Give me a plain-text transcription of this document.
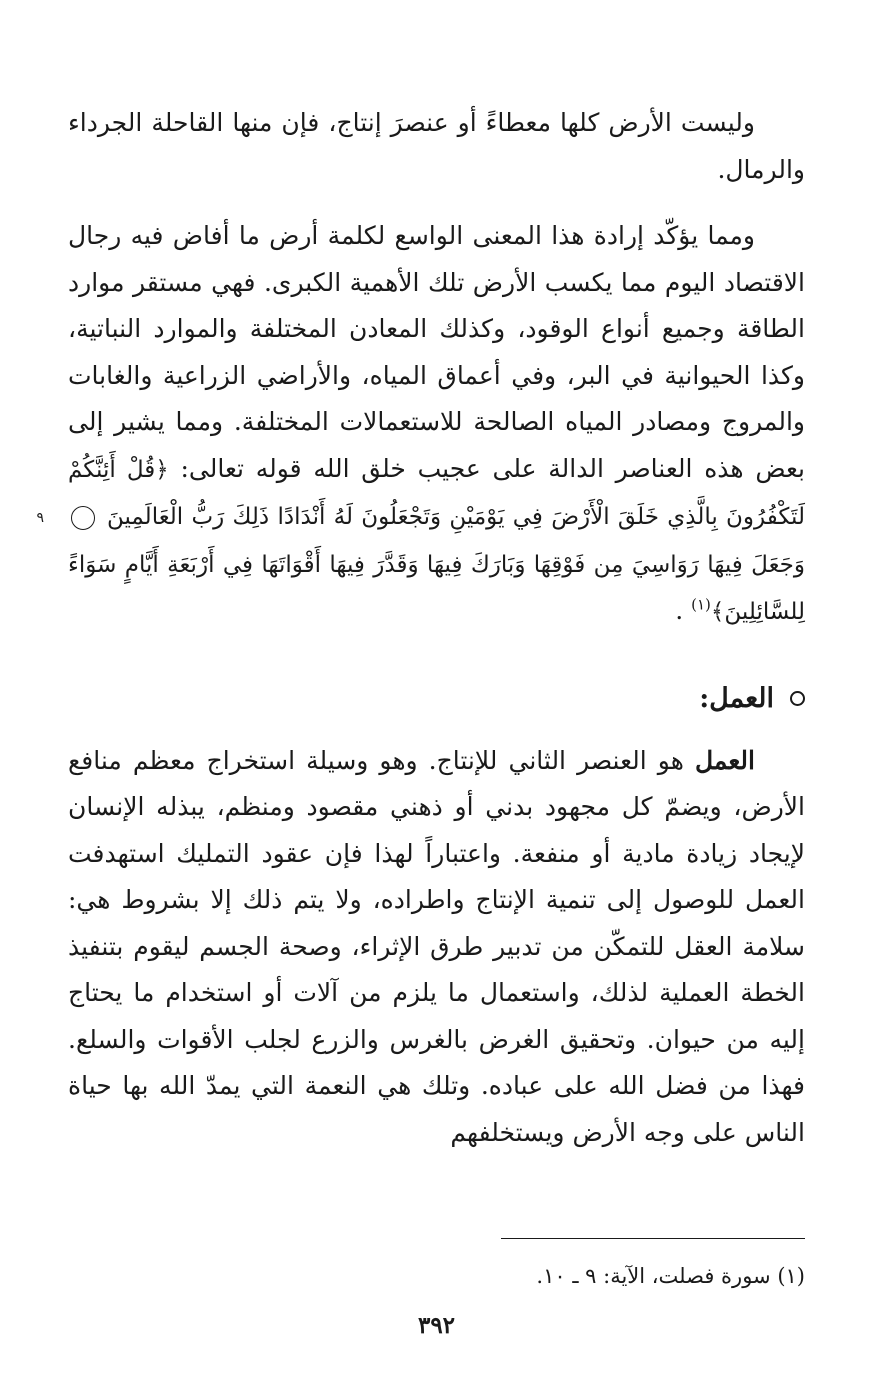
وليست الأرض كلها معطاءً أو عنصرَ إنتاج، فإن منها القاحلة الجرداء والرمال.

ومما يؤكّد إرادة هذا المعنى الواسع لكلمة أرض ما أفاض فيه رجال الاقتصاد اليوم مما يكسب الأرض تلك الأهمية الكبرى. فهي مستقر موارد الطاقة وجميع أنواع الوقود، وكذلك المعادن المختلفة والموارد النباتية، وكذا الحيوانية في البر، وفي أعماق المياه، والأراضي الزراعية والغابات والمروج ومصادر المياه الصالحة للاستعمالات المختلفة. ومما يشير إلى بعض هذه العناصر الدالة على عجيب خلق الله قوله تعالى: ﴿قُلْ أَئِنَّكُمْ لَتَكْفُرُونَ بِالَّذِي خَلَقَ الْأَرْضَ فِي يَوْمَيْنِ وَتَجْعَلُونَ لَهُ أَنْدَادًا ذَلِكَ رَبُّ الْعَالَمِينَ ٩ وَجَعَلَ فِيهَا رَوَاسِيَ مِن فَوْقِهَا وَبَارَكَ فِيهَا وَقَدَّرَ فِيهَا أَقْوَاتَهَا فِي أَرْبَعَةِ أَيَّامٍ سَوَاءً لِلسَّائِلِينَ﴾$^{(١)}$ .

العمل:

العمل هو العنصر الثاني للإنتاج. وهو وسيلة استخراج معظم منافع الأرض، ويضمّ كل مجهود بدني أو ذهني مقصود ومنظم، يبذله الإنسان لإيجاد زيادة مادية أو منفعة. واعتباراً لهذا فإن عقود التمليك استهدفت العمل للوصول إلى تنمية الإنتاج واطراده، ولا يتم ذلك إلا بشروط هي: سلامة العقل للتمكّن من تدبير طرق الإثراء، وصحة الجسم ليقوم بتنفيذ الخطة العملية لذلك، واستعمال ما يلزم من آلات أو استخدام ما يحتاج إليه من حيوان. وتحقيق الغرض بالغرس والزرع لجلب الأقوات والسلع. فهذا من فضل الله على عباده. وتلك هي النعمة التي يمدّ الله بها حياة الناس على وجه الأرض ويستخلفهم

(١) سورة فصلت، الآية: ٩ ـ ١٠.
٣٩٢
